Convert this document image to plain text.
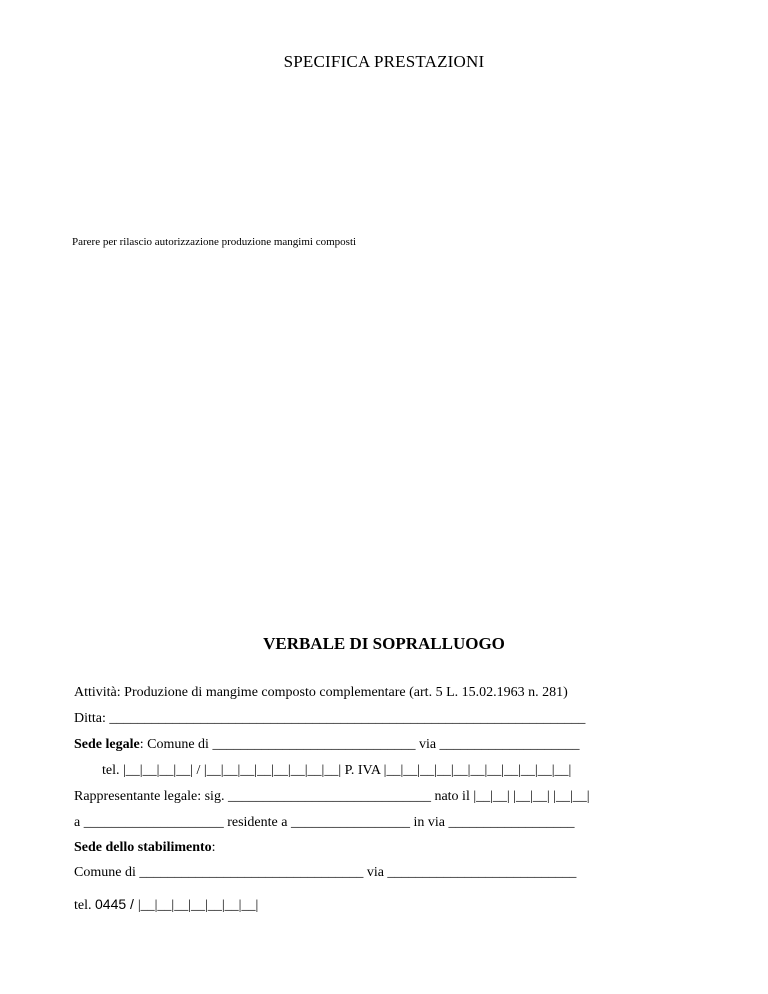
SPECIFICA PRESTAZIONI
Parere per rilascio autorizzazione produzione mangimi composti
VERBALE DI SOPRALLUOGO
Attività: Produzione di mangime composto complementare (art. 5 L. 15.02.1963 n. 281)
Ditta: ____________________________________________________________________
Sede legale: Comune di _____________________________ via ____________________
tel. |__|__|__|__| / |__|__|__|__|__|__|__|__| P. IVA |__|__|__|__|__|__|__|__|__|__|__|
Rappresentante legale: sig. _____________________________ nato il |__|__| |__|__| |__|__|
a ____________________ residente a _________________ in via __________________
Sede dello stabilimento:
Comune di ________________________________ via ___________________________
tel. 0445 / |__|__|__|__|__|__|__|
